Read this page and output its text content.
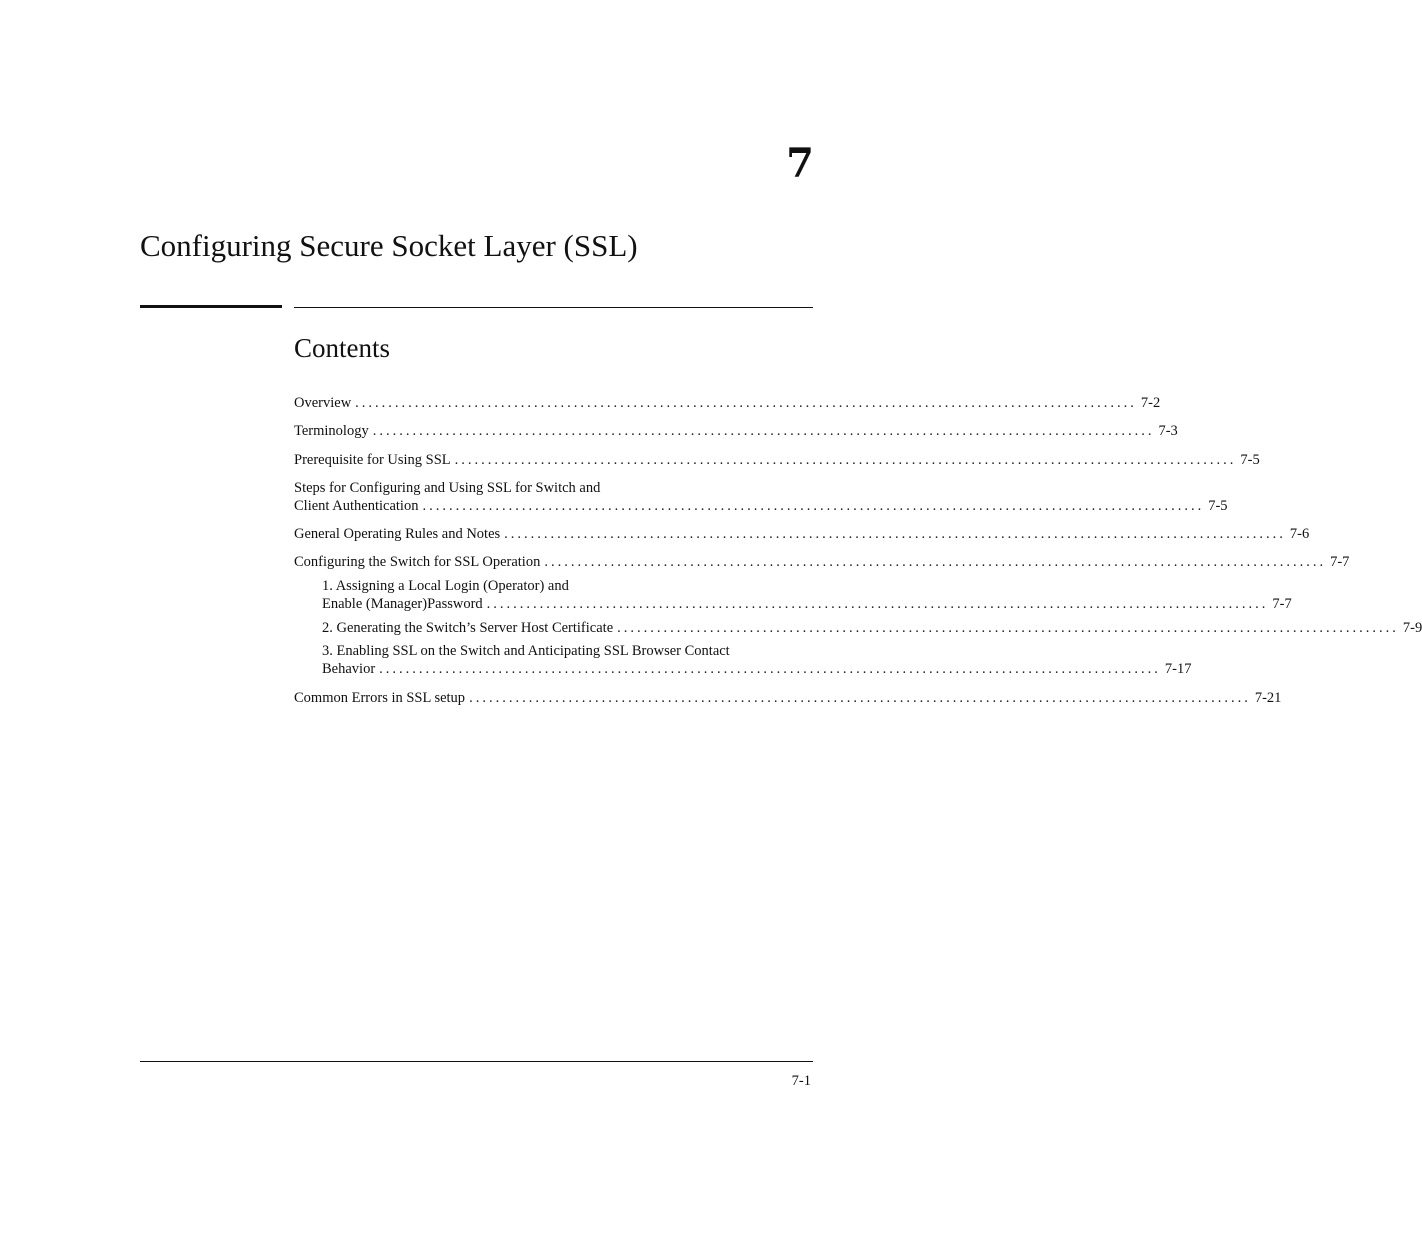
7
Configuring Secure Socket Layer (SSL)
Contents
Overview ...................................................................................................................... 7-2
Terminology ...................................................................................................................... 7-3
Prerequisite for Using SSL ...................................................................................................................... 7-5
Steps for Configuring and Using SSL for Switch and
Client Authentication ...................................................................................................................... 7-5
General Operating Rules and Notes ...................................................................................................................... 7-6
Configuring the Switch for SSL Operation ...................................................................................................................... 7-7
1. Assigning a Local Login (Operator) and
Enable (Manager)Password ...................................................................................................................... 7-7
2. Generating the Switch’s Server Host Certificate ...................................................................................................................... 7-9
3. Enabling SSL on the Switch and Anticipating SSL Browser Contact
Behavior ...................................................................................................................... 7-17
Common Errors in SSL setup ...................................................................................................................... 7-21
7-1
